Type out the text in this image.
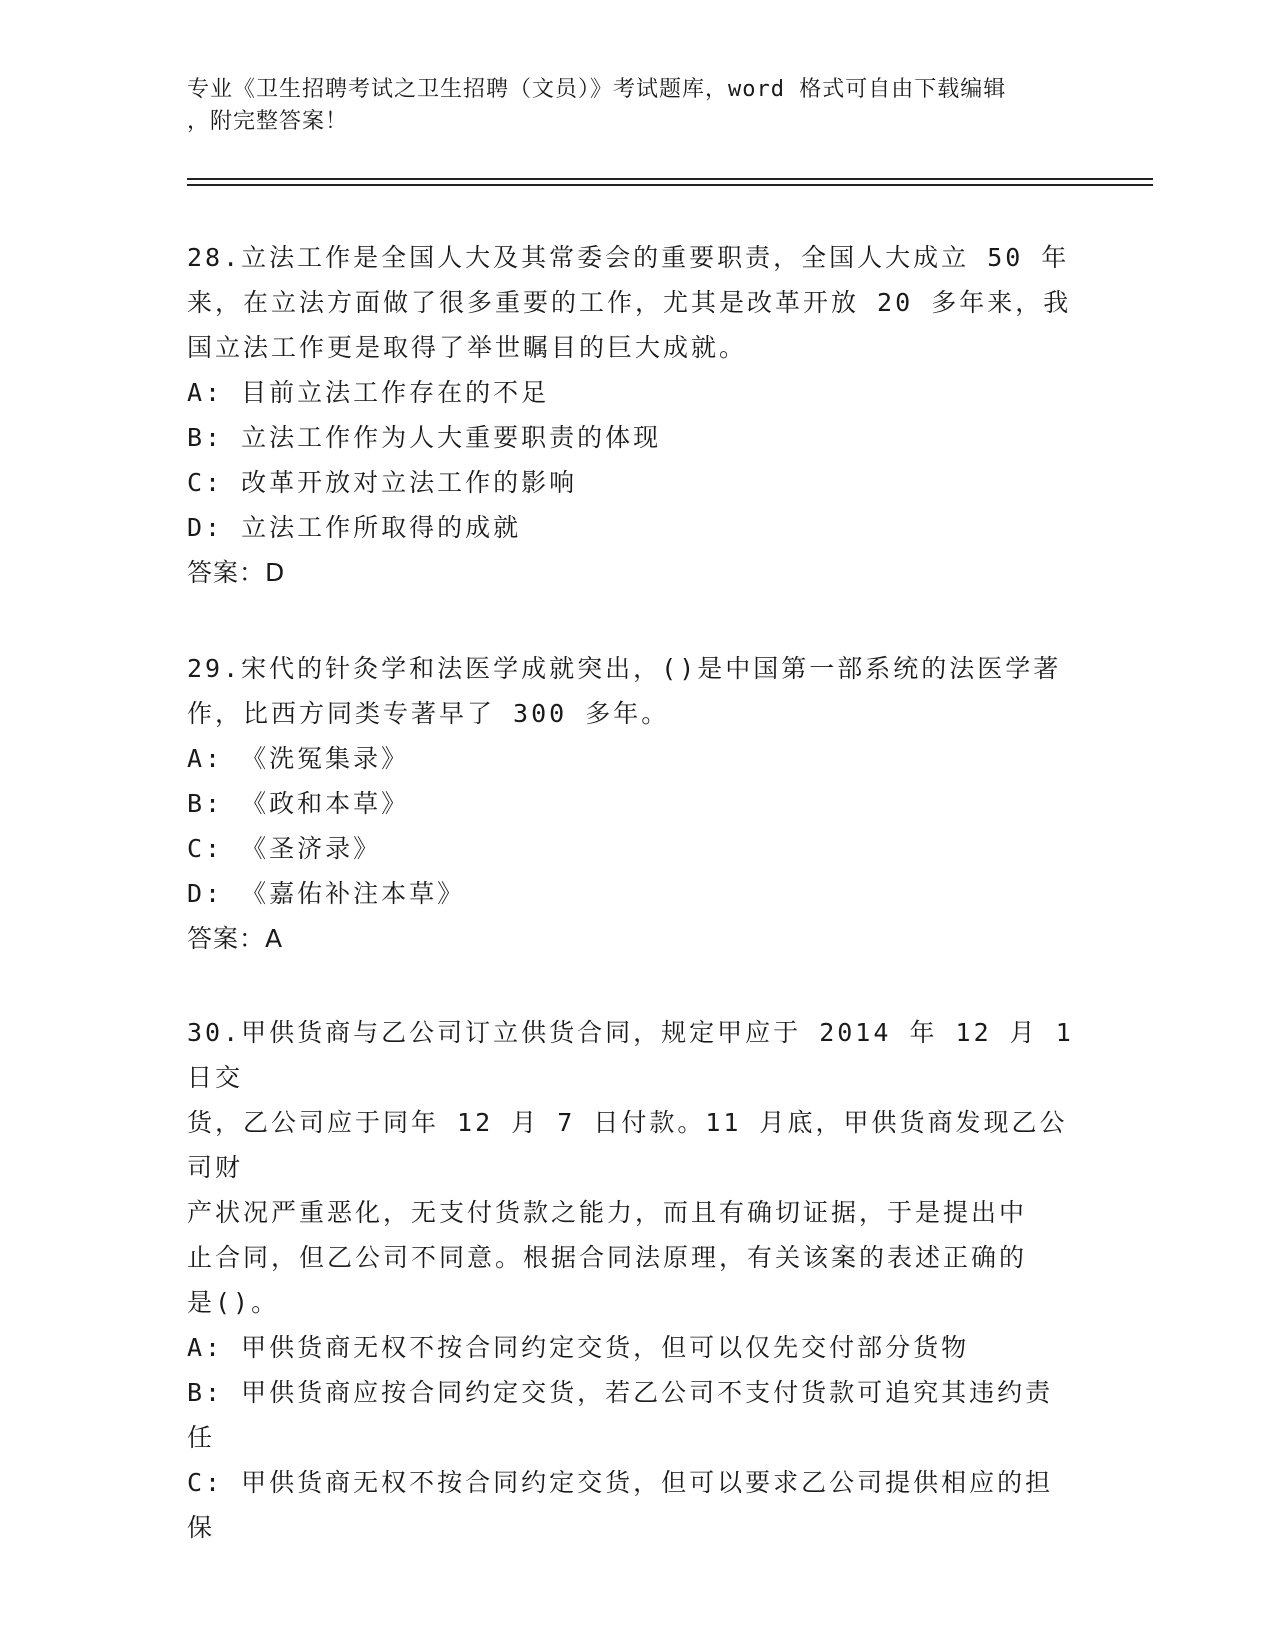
专业《卫生招聘考试之卫生招聘（文员）》考试题库，word 格式可自由下载编辑
，附完整答案！
28.立法工作是全国人大及其常委会的重要职责，全国人大成立 50 年
来，在立法方面做了很多重要的工作，尤其是改革开放 20 多年来，我
国立法工作更是取得了举世瞩目的巨大成就。
A: 目前立法工作存在的不足
B: 立法工作作为人大重要职责的体现
C: 改革开放对立法工作的影响
D: 立法工作所取得的成就
答案：D
29.宋代的针灸学和法医学成就突出，()是中国第一部系统的法医学著
作，比西方同类专著早了 300 多年。
A: 《洗冤集录》
B: 《政和本草》
C: 《圣济录》
D: 《嘉佑补注本草》
答案：A
30.甲供货商与乙公司订立供货合同，规定甲应于 2014 年 12 月 1 日交
货，乙公司应于同年 12 月 7 日付款。11 月底，甲供货商发现乙公司财
产状况严重恶化，无支付货款之能力，而且有确切证据，于是提出中
止合同，但乙公司不同意。根据合同法原理，有关该案的表述正确的
是()。
A: 甲供货商无权不按合同约定交货，但可以仅先交付部分货物
B: 甲供货商应按合同约定交货，若乙公司不支付货款可追究其违约责
任
C: 甲供货商无权不按合同约定交货，但可以要求乙公司提供相应的担
保
